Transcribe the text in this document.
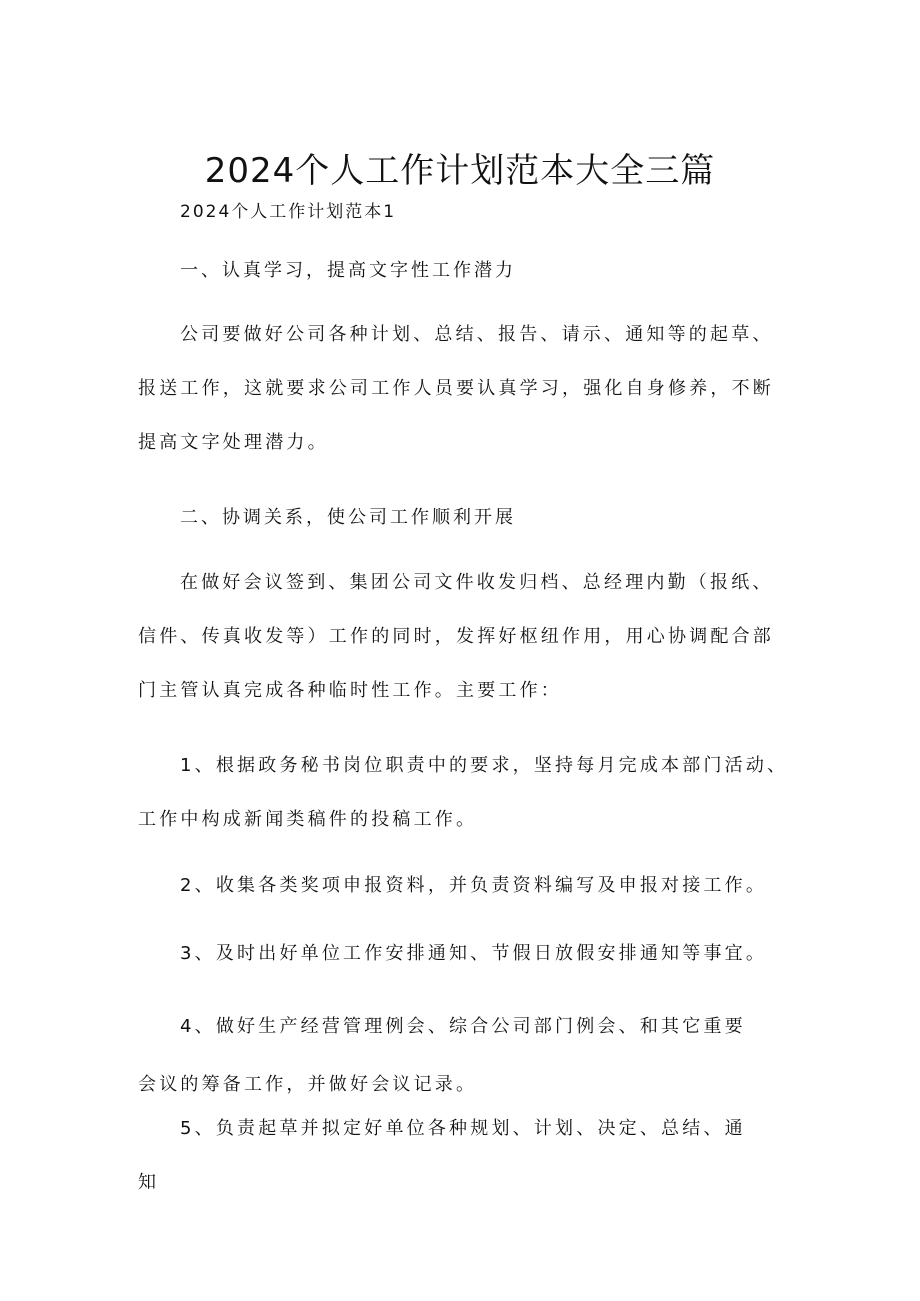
2024个人工作计划范本大全三篇
2024个人工作计划范本1
一、认真学习，提高文字性工作潜力

公司要做好公司各种计划、总结、报告、请示、通知等的起草、报送工作，这就要求公司工作人员要认真学习，强化自身修养，不断提高文字处理潜力。

二、协调关系，使公司工作顺利开展

在做好会议签到、集团公司文件收发归档、总经理内勤（报纸、信件、传真收发等）工作的同时，发挥好枢纽作用，用心协调配合部门主管认真完成各种临时性工作。主要工作：

1、根据政务秘书岗位职责中的要求，坚持每月完成本部门活动、工作中构成新闻类稿件的投稿工作。

2、收集各类奖项申报资料，并负责资料编写及申报对接工作。

3、及时出好单位工作安排通知、节假日放假安排通知等事宜。

4、做好生产经营管理例会、综合公司部门例会、和其它重要会议的筹备工作，并做好会议记录。

5、负责起草并拟定好单位各种规划、计划、决定、总结、通知
